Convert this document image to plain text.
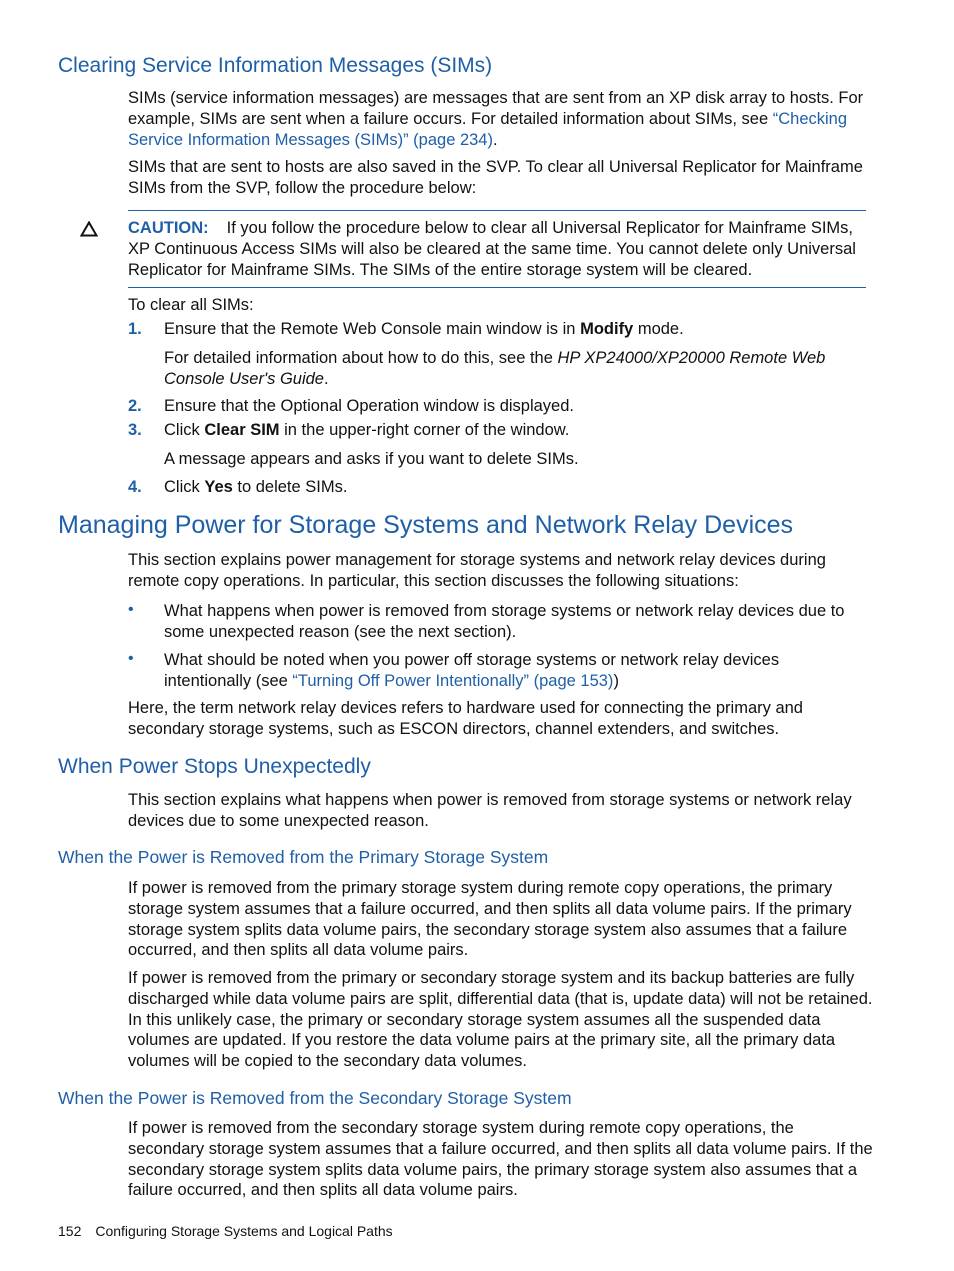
Clearing Service Information Messages (SIMs)
SIMs (service information messages) are messages that are sent from an XP disk array to hosts. For example, SIMs are sent when a failure occurs. For detailed information about SIMs, see “Checking Service Information Messages (SIMs)” (page 234).
SIMs that are sent to hosts are also saved in the SVP. To clear all Universal Replicator for Mainframe SIMs from the SVP, follow the procedure below:
CAUTION: If you follow the procedure below to clear all Universal Replicator for Mainframe SIMs, XP Continuous Access SIMs will also be cleared at the same time. You cannot delete only Universal Replicator for Mainframe SIMs. The SIMs of the entire storage system will be cleared.
To clear all SIMs:
1. Ensure that the Remote Web Console main window is in Modify mode.
For detailed information about how to do this, see the HP XP24000/XP20000 Remote Web Console User's Guide.
2. Ensure that the Optional Operation window is displayed.
3. Click Clear SIM in the upper-right corner of the window.
A message appears and asks if you want to delete SIMs.
4. Click Yes to delete SIMs.
Managing Power for Storage Systems and Network Relay Devices
This section explains power management for storage systems and network relay devices during remote copy operations. In particular, this section discusses the following situations:
• What happens when power is removed from storage systems or network relay devices due to some unexpected reason (see the next section).
• What should be noted when you power off storage systems or network relay devices intentionally (see “Turning Off Power Intentionally” (page 153))
Here, the term network relay devices refers to hardware used for connecting the primary and secondary storage systems, such as ESCON directors, channel extenders, and switches.
When Power Stops Unexpectedly
This section explains what happens when power is removed from storage systems or network relay devices due to some unexpected reason.
When the Power is Removed from the Primary Storage System
If power is removed from the primary storage system during remote copy operations, the primary storage system assumes that a failure occurred, and then splits all data volume pairs. If the primary storage system splits data volume pairs, the secondary storage system also assumes that a failure occurred, and then splits all data volume pairs.
If power is removed from the primary or secondary storage system and its backup batteries are fully discharged while data volume pairs are split, differential data (that is, update data) will not be retained. In this unlikely case, the primary or secondary storage system assumes all the suspended data volumes are updated. If you restore the data volume pairs at the primary site, all the primary data volumes will be copied to the secondary data volumes.
When the Power is Removed from the Secondary Storage System
If power is removed from the secondary storage system during remote copy operations, the secondary storage system assumes that a failure occurred, and then splits all data volume pairs. If the secondary storage system splits data volume pairs, the primary storage system also assumes that a failure occurred, and then splits all data volume pairs.
152 Configuring Storage Systems and Logical Paths
